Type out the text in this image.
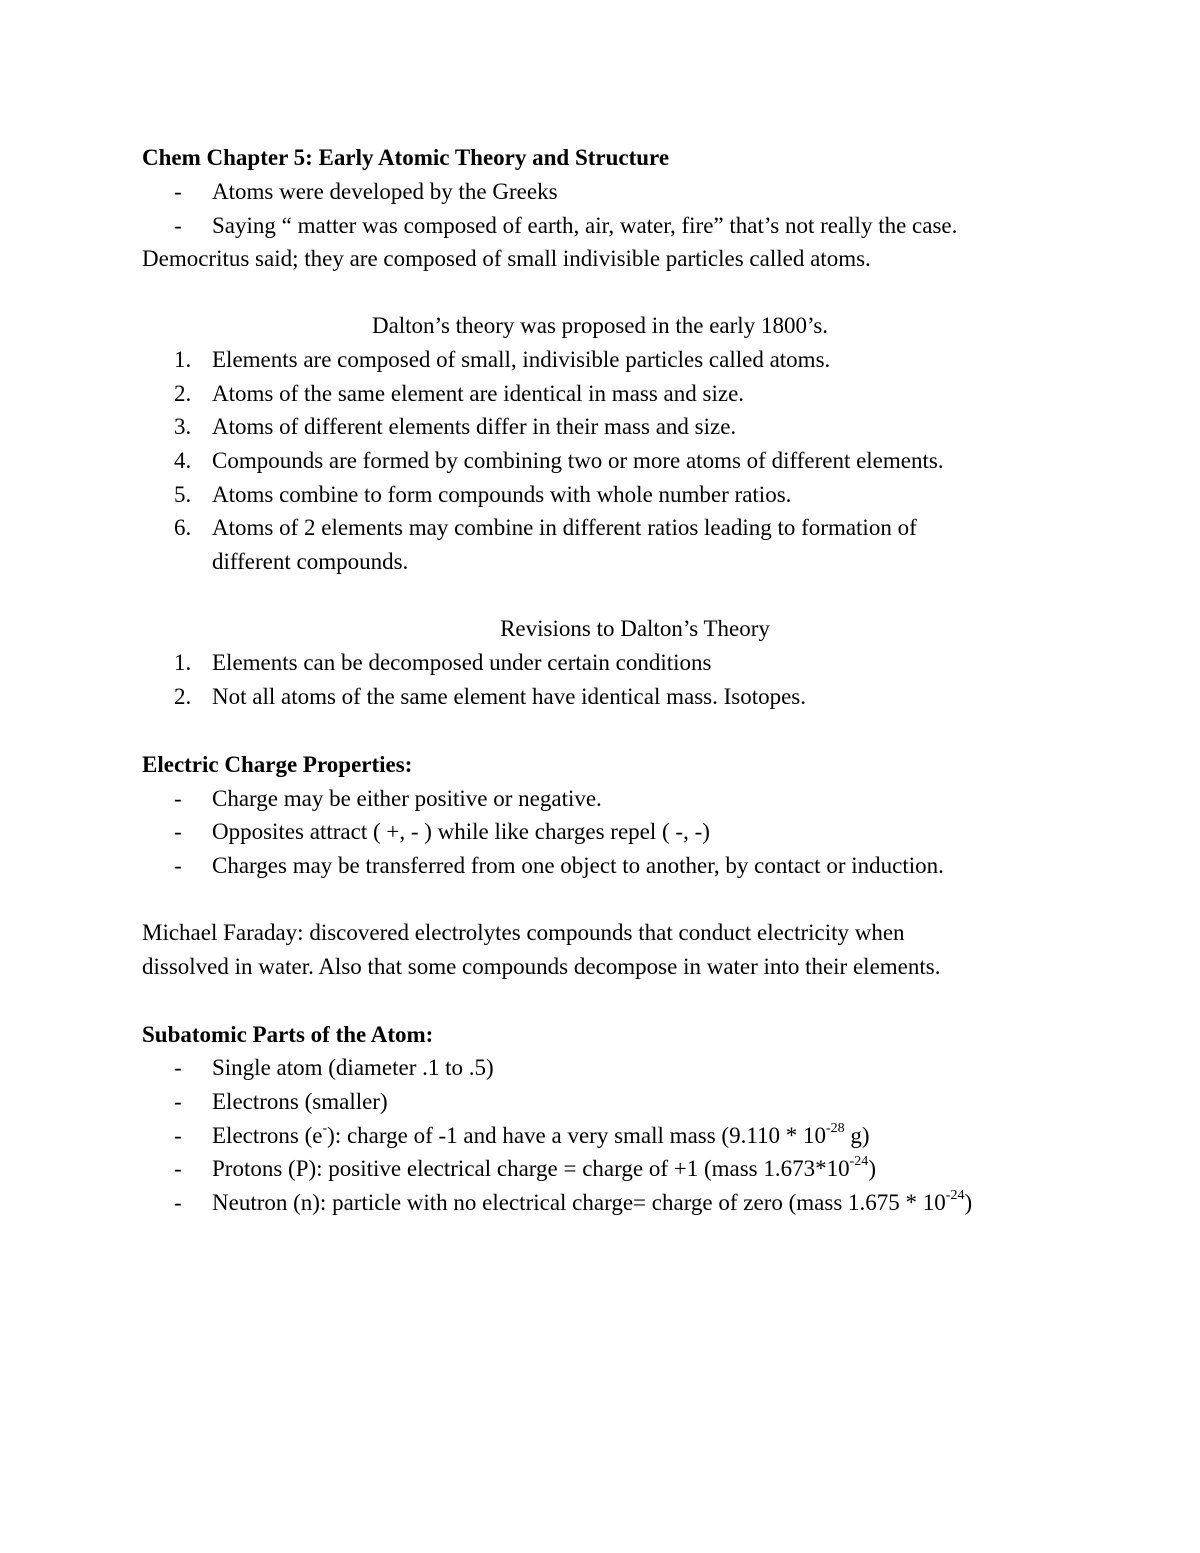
Chem Chapter 5: Early Atomic Theory and Structure
- Atoms were developed by the Greeks
- Saying “ matter was composed of earth, air, water, fire” that’s not really the case.
Democritus said; they are composed of small indivisible particles called atoms.
Dalton’s theory was proposed in the early 1800’s.
1. Elements are composed of small, indivisible particles called atoms.
2. Atoms of the same element are identical in mass and size.
3. Atoms of different elements differ in their mass and size.
4. Compounds are formed by combining two or more atoms of different elements.
5. Atoms combine to form compounds with whole number ratios.
6. Atoms of 2 elements may combine in different ratios leading to formation of
different compounds.
Revisions to Dalton’s Theory
1. Elements can be decomposed under certain conditions
2. Not all atoms of the same element have identical mass. Isotopes.
Electric Charge Properties:
- Charge may be either positive or negative.
- Opposites attract ( +, - ) while like charges repel ( -, -)
- Charges may be transferred from one object to another, by contact or induction.
Michael Faraday: discovered electrolytes compounds that conduct electricity when
dissolved in water. Also that some compounds decompose in water into their elements.
Subatomic Parts of the Atom:
- Single atom (diameter .1 to .5)
- Electrons (smaller)
- Electrons (e-): charge of -1 and have a very small mass ($9.110 * 10^{-28}$ g)
- Protons (P): positive electrical charge = charge of +1 (mass $1.673*10^{-24}$)
- Neutron (n): particle with no electrical charge= charge of zero (mass $1.675 * 10^{-24}$)
